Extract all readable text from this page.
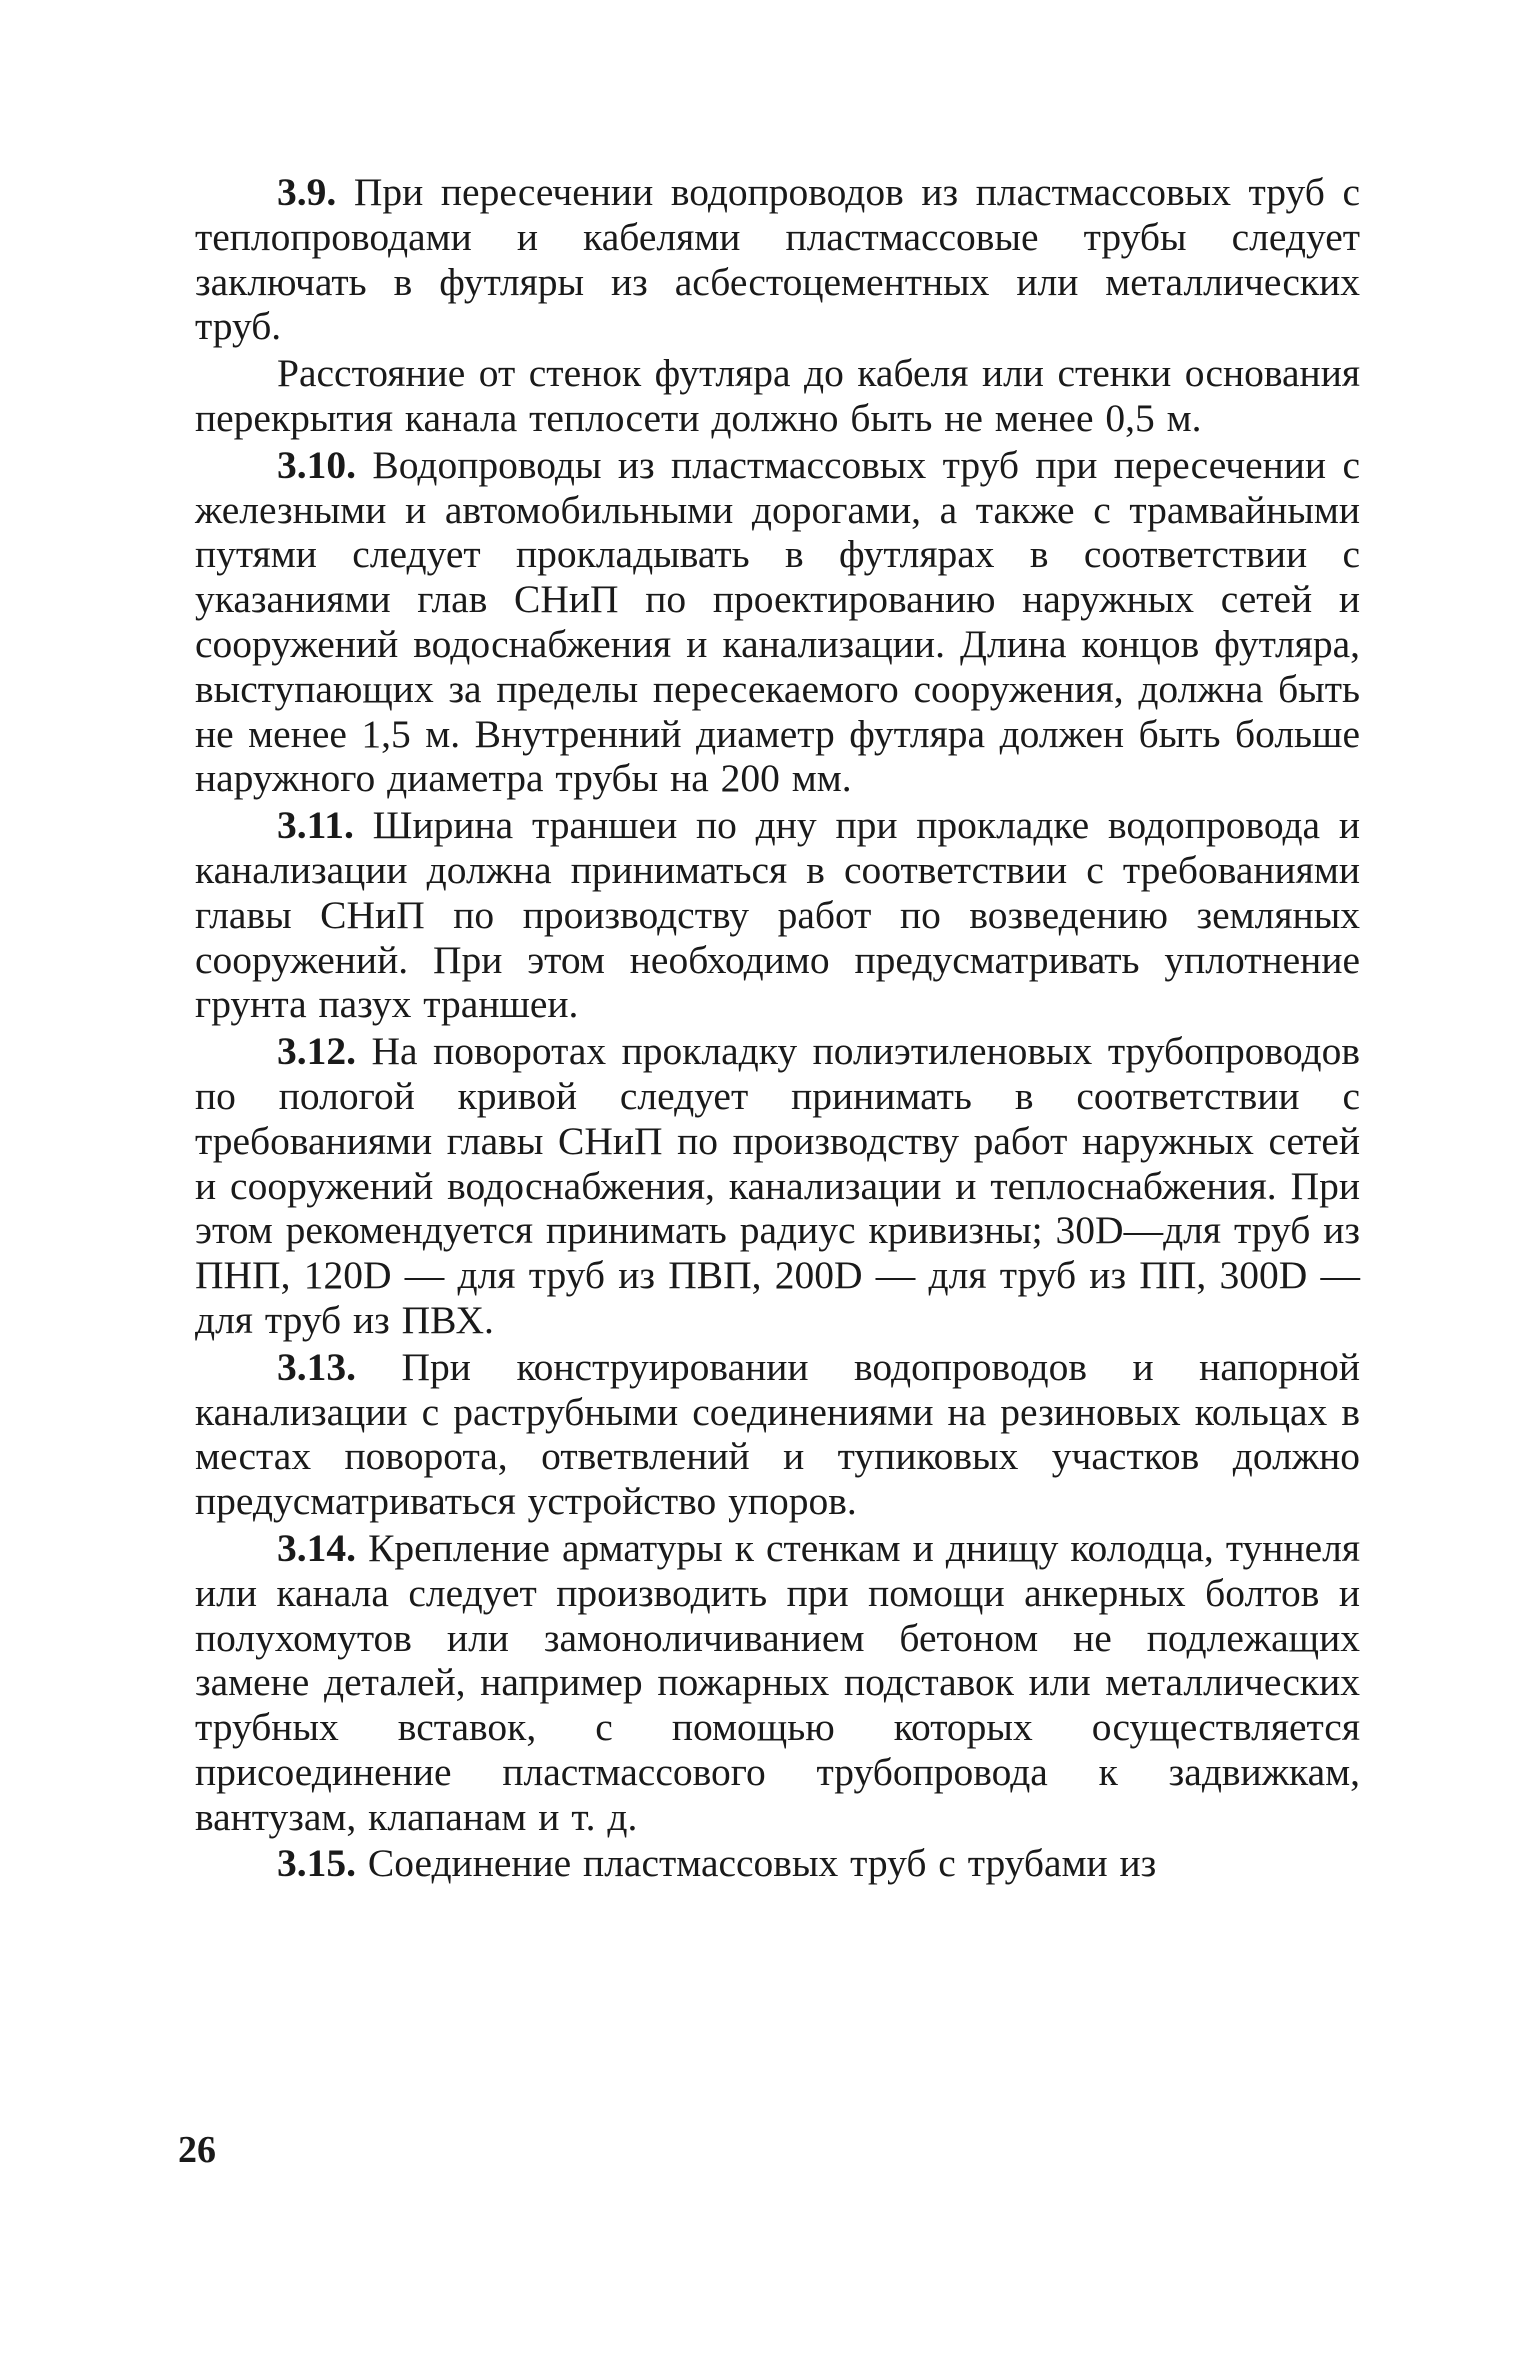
3.9. При пересечении водопроводов из пластмассовых труб с теплопроводами и кабелями пластмассовые трубы следует заключать в футляры из асбестоцементных или металлических труб.

Расстояние от стенок футляра до кабеля или стенки основания перекрытия канала теплосети должно быть не менее 0,5 м.

3.10. Водопроводы из пластмассовых труб при пересечении с железными и автомобильными дорогами, а также с трамвайными путями следует прокладывать в футлярах в соответствии с указаниями глав СНиП по проектированию наружных сетей и сооружений водоснабжения и канализации. Длина концов футляра, выступающих за пределы пересекаемого сооружения, должна быть не менее 1,5 м. Внутренний диаметр футляра должен быть больше наружного диаметра трубы на 200 мм.

3.11. Ширина траншеи по дну при прокладке водопровода и канализации должна приниматься в соответствии с требованиями главы СНиП по производству работ по возведению земляных сооружений. При этом необходимо предусматривать уплотнение грунта пазух траншеи.

3.12. На поворотах прокладку полиэтиленовых трубопроводов по пологой кривой следует принимать в соответствии с требованиями главы СНиП по производству работ наружных сетей и сооружений водоснабжения, канализации и теплоснабжения. При этом рекомендуется принимать радиус кривизны; 30D—для труб из ПНП, 120D — для труб из ПВП, 200D — для труб из ПП, 300D — для труб из ПВХ.

3.13. При конструировании водопроводов и напорной канализации с раструбными соединениями на резиновых кольцах в местах поворота, ответвлений и тупиковых участков должно предусматриваться устройство упоров.

3.14. Крепление арматуры к стенкам и днищу колодца, туннеля или канала следует производить при помощи анкерных болтов и полухомутов или замоноличиванием бетоном не подлежащих замене деталей, например пожарных подставок или металлических трубных вставок, с помощью которых осуществляется присоединение пластмассового трубопровода к задвижкам, вантузам, клапанам и т. д.

3.15. Соединение пластмассовых труб с трубами из

26
